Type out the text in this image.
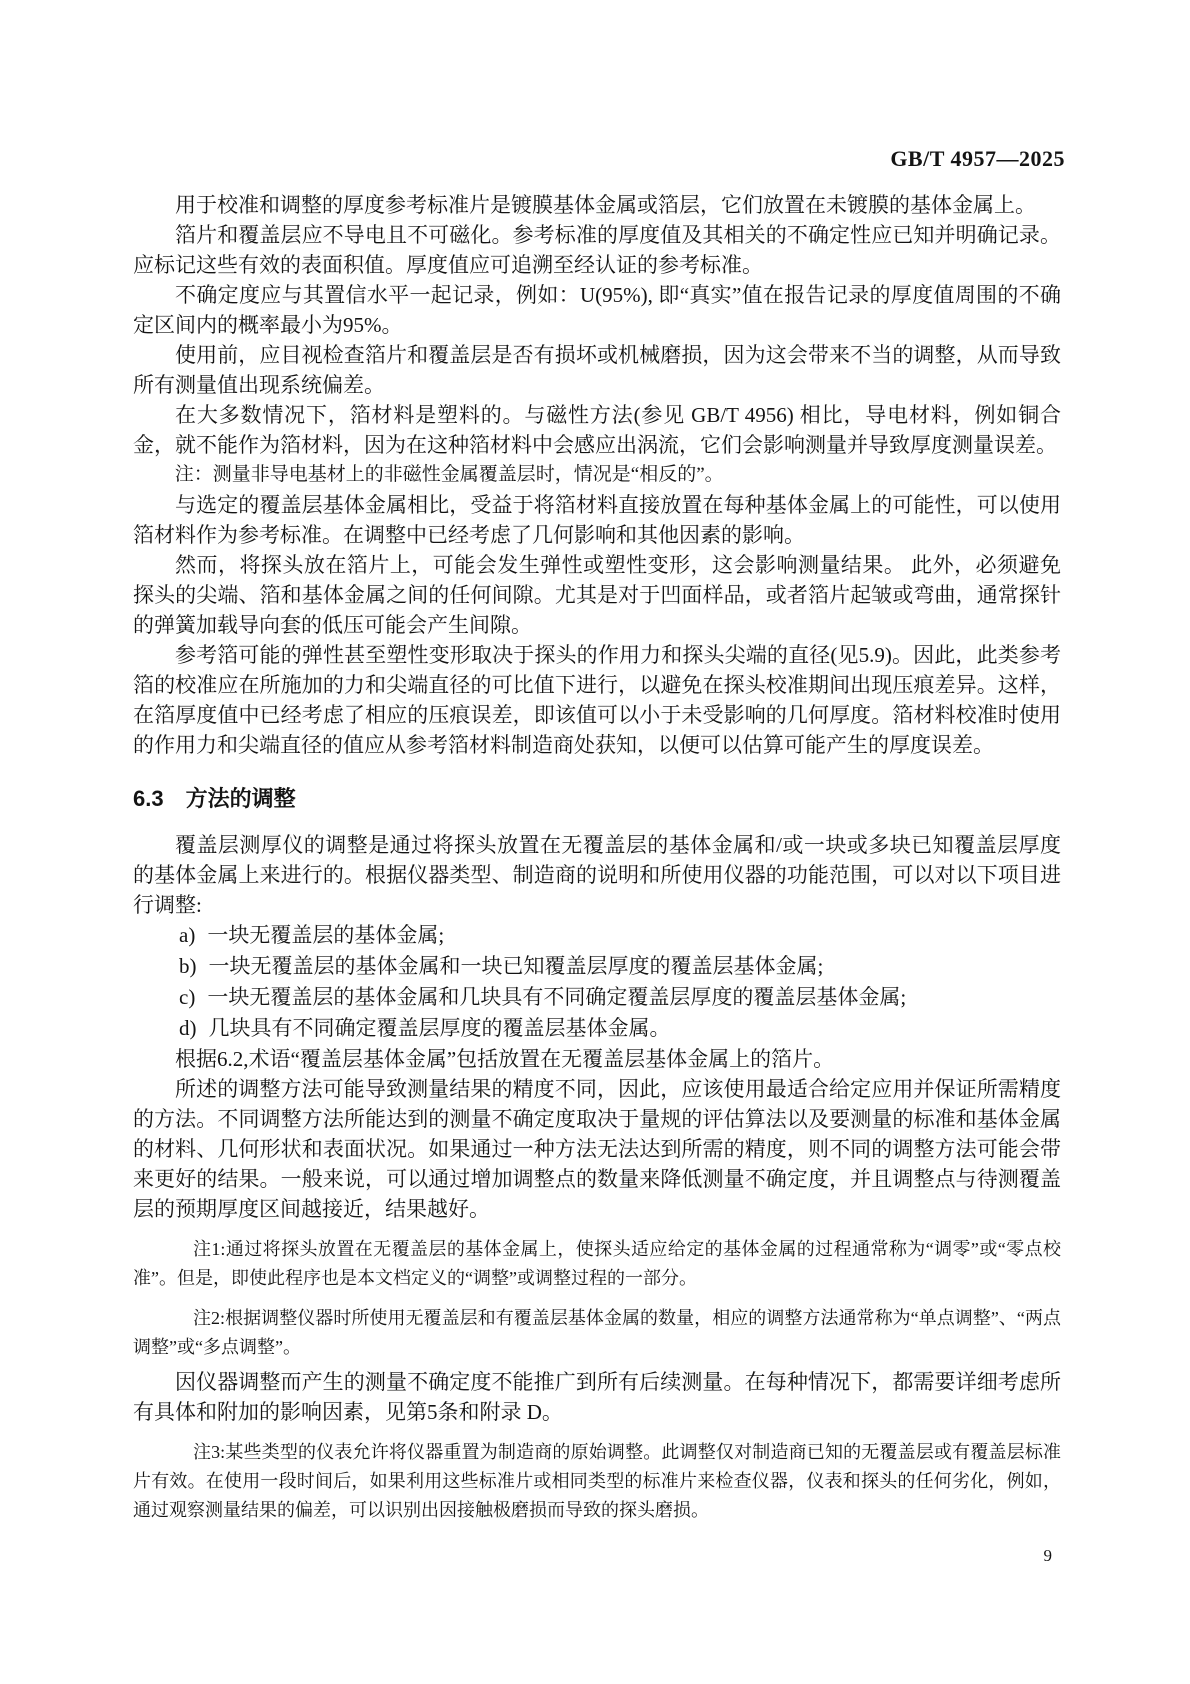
GB/T 4957—2025

用于校准和调整的厚度参考标准片是镀膜基体金属或箔层，它们放置在未镀膜的基体金属上。

箔片和覆盖层应不导电且不可磁化。参考标准的厚度值及其相关的不确定性应已知并明确记录。应标记这些有效的表面积值。厚度值应可追溯至经认证的参考标准。

不确定度应与其置信水平一起记录，例如：U(95%), 即“真实”值在报告记录的厚度值周围的不确定区间内的概率最小为95%。

使用前，应目视检查箔片和覆盖层是否有损坏或机械磨损，因为这会带来不当的调整，从而导致所有测量值出现系统偏差。

在大多数情况下，箔材料是塑料的。与磁性方法(参见 GB/T 4956) 相比，导电材料，例如铜合金，就不能作为箔材料，因为在这种箔材料中会感应出涡流，它们会影响测量并导致厚度测量误差。

注：测量非导电基材上的非磁性金属覆盖层时，情况是“相反的”。

与选定的覆盖层基体金属相比，受益于将箔材料直接放置在每种基体金属上的可能性，可以使用箔材料作为参考标准。在调整中已经考虑了几何影响和其他因素的影响。

然而，将探头放在箔片上，可能会发生弹性或塑性变形，这会影响测量结果。 此外，必须避免探头的尖端、箔和基体金属之间的任何间隙。尤其是对于凹面样品，或者箔片起皱或弯曲，通常探针的弹簧加载导向套的低压可能会产生间隙。

参考箔可能的弹性甚至塑性变形取决于探头的作用力和探头尖端的直径(见5.9)。因此，此类参考箔的校准应在所施加的力和尖端直径的可比值下进行，以避免在探头校准期间出现压痕差异。这样，在箔厚度值中已经考虑了相应的压痕误差，即该值可以小于未受影响的几何厚度。箔材料校准时使用的作用力和尖端直径的值应从参考箔材料制造商处获知，以便可以估算可能产生的厚度误差。

6.3 方法的调整

覆盖层测厚仪的调整是通过将探头放置在无覆盖层的基体金属和/或一块或多块已知覆盖层厚度的基体金属上来进行的。根据仪器类型、制造商的说明和所使用仪器的功能范围，可以对以下项目进行调整:

a) 一块无覆盖层的基体金属;
b) 一块无覆盖层的基体金属和一块已知覆盖层厚度的覆盖层基体金属;
c) 一块无覆盖层的基体金属和几块具有不同确定覆盖层厚度的覆盖层基体金属;
d) 几块具有不同确定覆盖层厚度的覆盖层基体金属。

根据6.2,术语“覆盖层基体金属”包括放置在无覆盖层基体金属上的箔片。

所述的调整方法可能导致测量结果的精度不同，因此，应该使用最适合给定应用并保证所需精度的方法。不同调整方法所能达到的测量不确定度取决于量规的评估算法以及要测量的标准和基体金属的材料、几何形状和表面状况。如果通过一种方法无法达到所需的精度，则不同的调整方法可能会带来更好的结果。一般来说，可以通过增加调整点的数量来降低测量不确定度，并且调整点与待测覆盖层的预期厚度区间越接近，结果越好。

注1:通过将探头放置在无覆盖层的基体金属上，使探头适应给定的基体金属的过程通常称为“调零”或“零点校准”。但是，即使此程序也是本文档定义的“调整”或调整过程的一部分。

注2:根据调整仪器时所使用无覆盖层和有覆盖层基体金属的数量，相应的调整方法通常称为“单点调整”、“两点调整”或“多点调整”。

因仪器调整而产生的测量不确定度不能推广到所有后续测量。在每种情况下，都需要详细考虑所有具体和附加的影响因素，见第5条和附录 D。

注3:某些类型的仪表允许将仪器重置为制造商的原始调整。此调整仅对制造商已知的无覆盖层或有覆盖层标准片有效。在使用一段时间后，如果利用这些标准片或相同类型的标准片来检查仪器，仪表和探头的任何劣化，例如，通过观察测量结果的偏差，可以识别出因接触极磨损而导致的探头磨损。

9
